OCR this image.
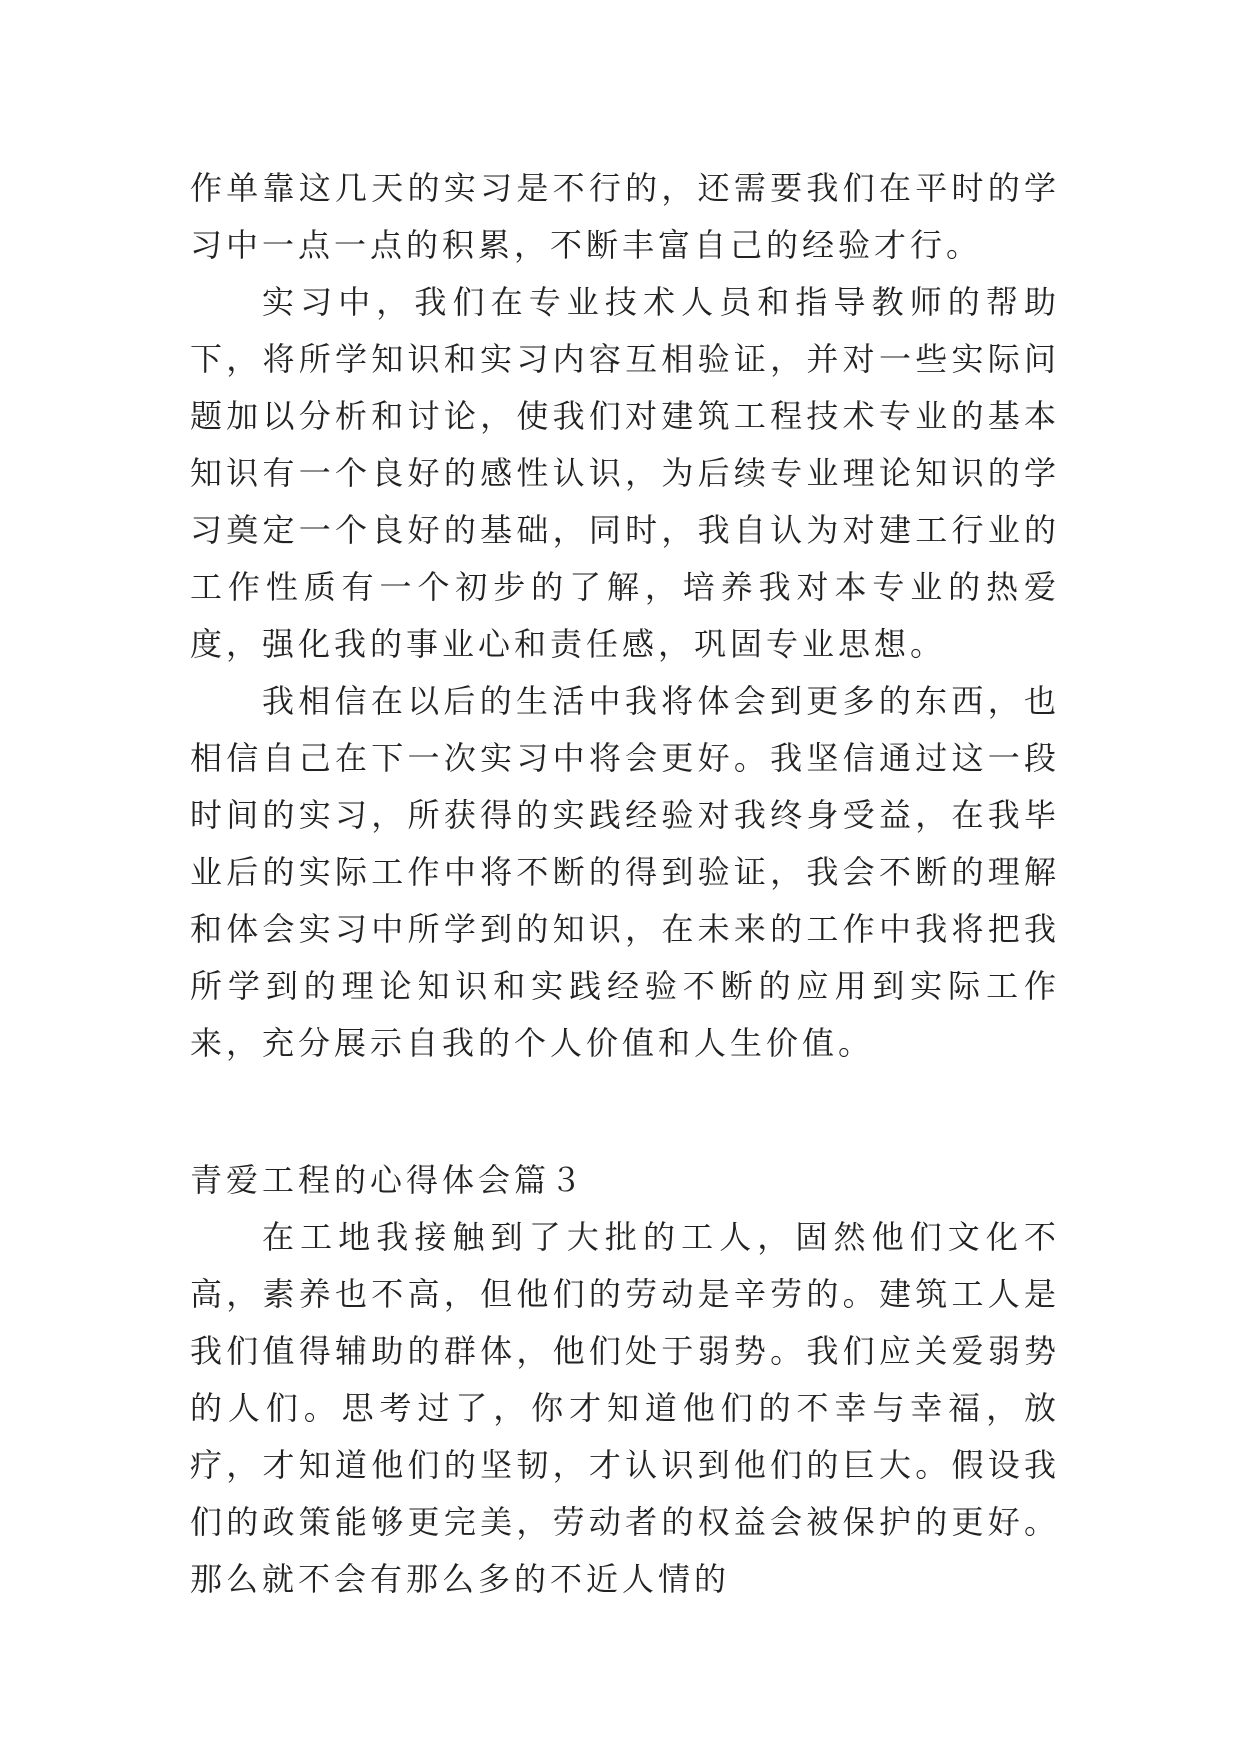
作单靠这几天的实习是不行的，还需要我们在平时的学习中一点一点的积累，不断丰富自己的经验才行。

实习中，我们在专业技术人员和指导教师的帮助下，将所学知识和实习内容互相验证，并对一些实际问题加以分析和讨论，使我们对建筑工程技术专业的基本知识有一个良好的感性认识，为后续专业理论知识的学习奠定一个良好的基础，同时，我自认为对建工行业的工作性质有一个初步的了解，培养我对本专业的热爱度，强化我的事业心和责任感，巩固专业思想。

我相信在以后的生活中我将体会到更多的东西，也相信自己在下一次实习中将会更好。我坚信通过这一段时间的实习，所获得的实践经验对我终身受益，在我毕业后的实际工作中将不断的得到验证，我会不断的理解和体会实习中所学到的知识，在未来的工作中我将把我所学到的理论知识和实践经验不断的应用到实际工作来，充分展示自我的个人价值和人生价值。

青爱工程的心得体会篇３

在工地我接触到了大批的工人，固然他们文化不高，素养也不高，但他们的劳动是辛劳的。建筑工人是我们值得辅助的群体，他们处于弱势。我们应关爱弱势的人们。思考过了，你才知道他们的不幸与幸福，放疗，才知道他们的坚韧，才认识到他们的巨大。假设我们的政策能够更完美，劳动者的权益会被保护的更好。那么就不会有那么多的不近人情的
